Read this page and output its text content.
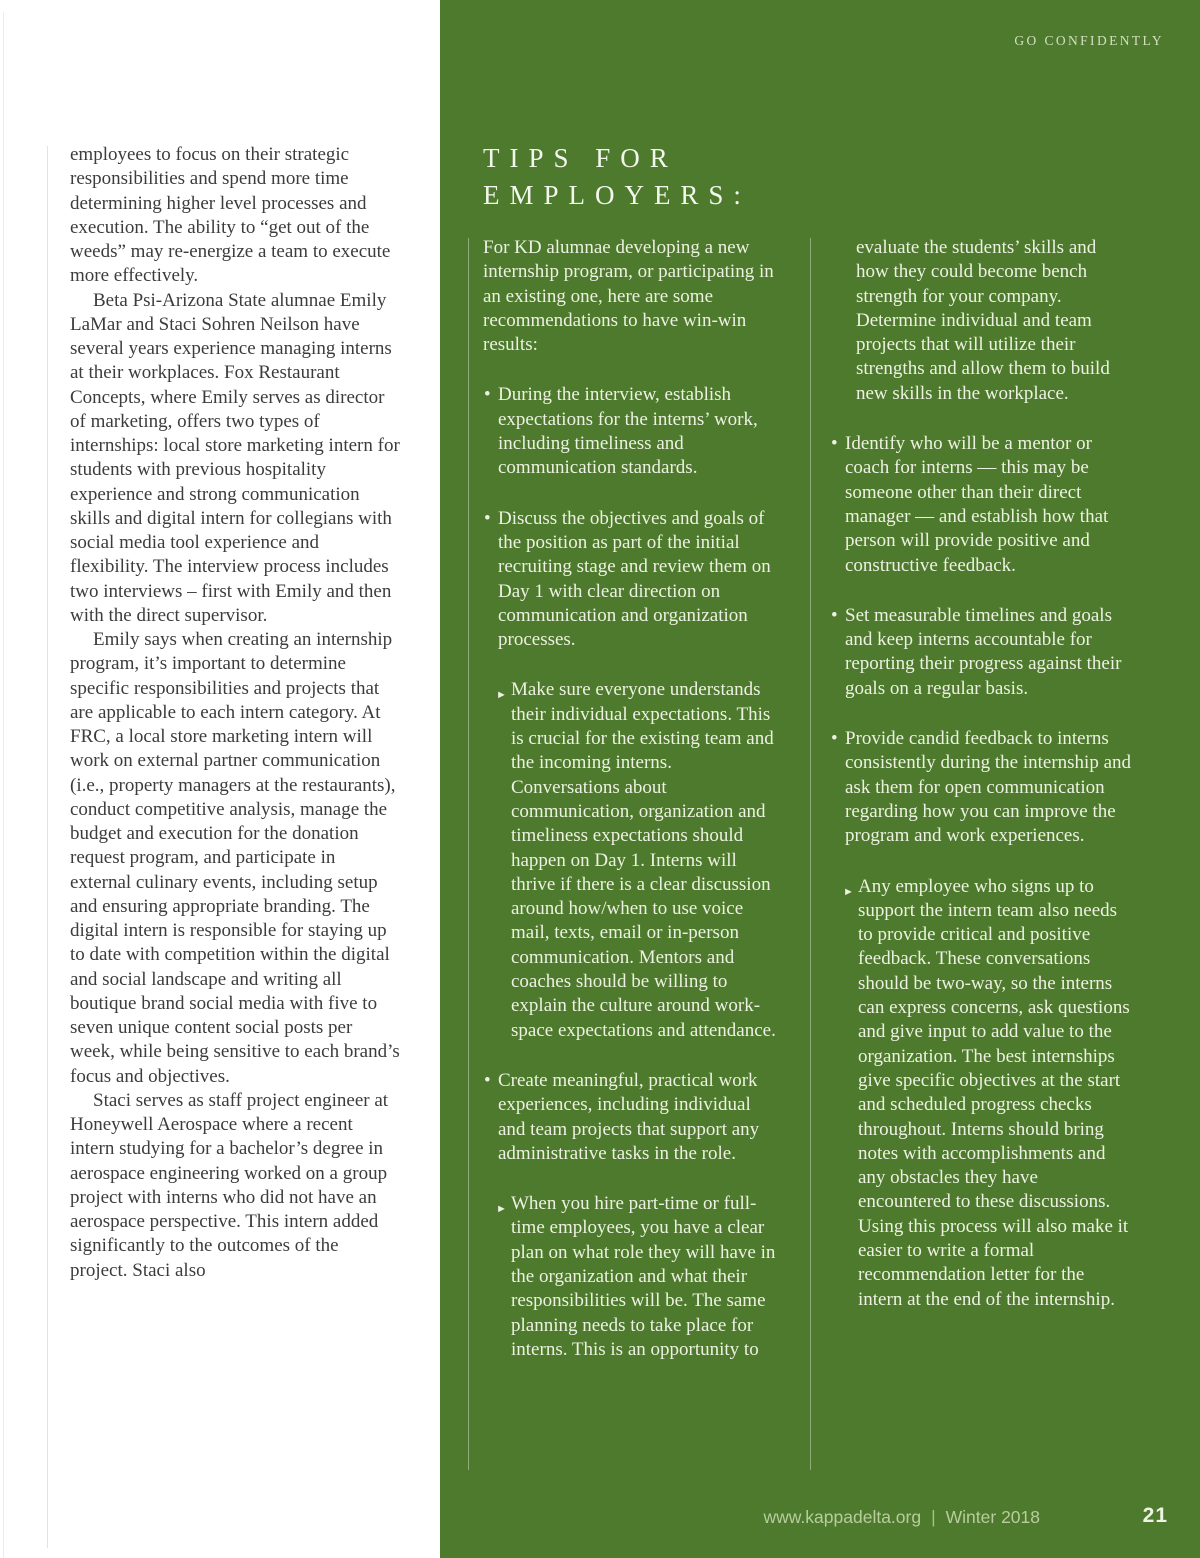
employees to focus on their strategic responsibilities and spend more time determining higher level processes and execution. The ability to “get out of the weeds” may re-energize a team to execute more effectively.

Beta Psi-Arizona State alumnae Emily LaMar and Staci Sohren Neilson have several years experience managing interns at their workplaces. Fox Restaurant Concepts, where Emily serves as director of marketing, offers two types of internships: local store marketing intern for students with previous hospitality experience and strong communication skills and digital intern for collegians with social media tool experience and flexibility. The interview process includes two interviews – first with Emily and then with the direct supervisor.

Emily says when creating an internship program, it’s important to determine specific responsibilities and projects that are applicable to each intern category. At FRC, a local store marketing intern will work on external partner communication (i.e., property managers at the restaurants), conduct competitive analysis, manage the budget and execution for the donation request program, and participate in external culinary events, including setup and ensuring appropriate branding. The digital intern is responsible for staying up to date with competition within the digital and social landscape and writing all boutique brand social media with five to seven unique content social posts per week, while being sensitive to each brand’s focus and objectives.

Staci serves as staff project engineer at Honeywell Aerospace where a recent intern studying for a bachelor’s degree in aerospace engineering worked on a group project with interns who did not have an aerospace perspective. This intern added significantly to the outcomes of the project. Staci also

GO CONFIDENTLY
TIPS FOR
EMPLOYERS:

For KD alumnae developing a new internship program, or participating in an existing one, here are some recommendations to have win-win results:

• During the interview, establish expectations for the interns’ work, including timeliness and communication standards.
• Discuss the objectives and goals of the position as part of the initial recruiting stage and review them on Day 1 with clear direction on communication and organization processes.
► Make sure everyone understands their individual expectations. This is crucial for the existing team and the incoming interns. Conversations about communication, organization and timeliness expectations should happen on Day 1. Interns will thrive if there is a clear discussion around how/when to use voice mail, texts, email or in-person communication. Mentors and coaches should be willing to explain the culture around work-space expectations and attendance.
• Create meaningful, practical work experiences, including individual and team projects that support any administrative tasks in the role.
► When you hire part-time or full-time employees, you have a clear plan on what role they will have in the organization and what their responsibilities will be. The same planning needs to take place for interns. This is an opportunity to
evaluate the students’ skills and how they could become bench strength for your company. Determine individual and team projects that will utilize their strengths and allow them to build new skills in the workplace.
• Identify who will be a mentor or coach for interns — this may be someone other than their direct manager — and establish how that person will provide positive and constructive feedback.
• Set measurable timelines and goals and keep interns accountable for reporting their progress against their goals on a regular basis.
• Provide candid feedback to interns consistently during the internship and ask them for open communication regarding how you can improve the program and work experiences.
► Any employee who signs up to support the intern team also needs to provide critical and positive feedback. These conversations should be two-way, so the interns can express concerns, ask questions and give input to add value to the organization. The best internships give specific objectives at the start and scheduled progress checks throughout. Interns should bring notes with accomplishments and any obstacles they have encountered to these discussions. Using this process will also make it easier to write a formal recommendation letter for the intern at the end of the internship.
www.kappadelta.org | Winter 2018	21
